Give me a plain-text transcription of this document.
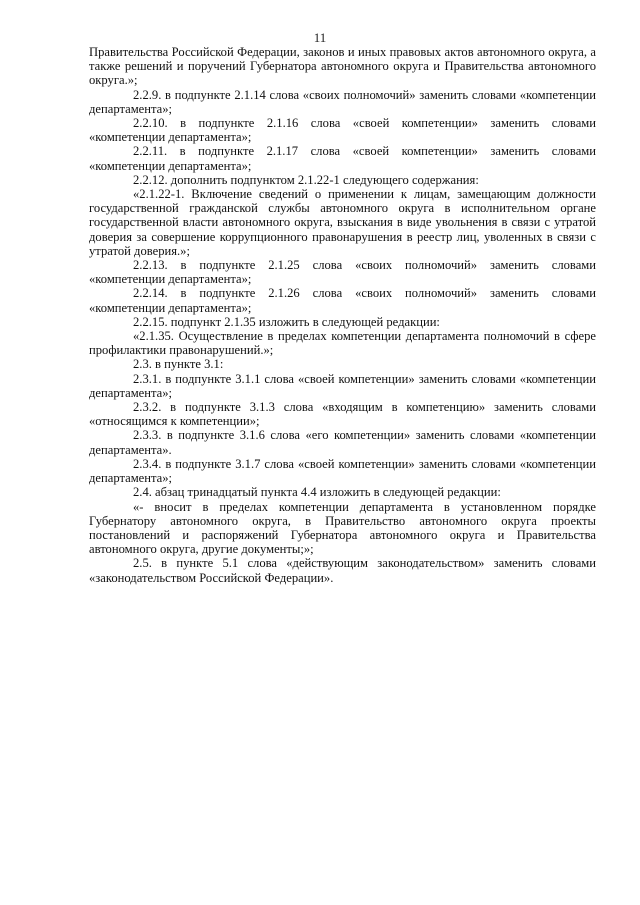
11

Правительства Российской Федерации, законов и иных правовых актов автономного округа, а также решений и поручений Губернатора автономного округа и Правительства автономного округа.»;

2.2.9. в подпункте 2.1.14 слова «своих полномочий» заменить словами «компетенции департамента»;

2.2.10. в подпункте 2.1.16 слова «своей компетенции» заменить словами «компетенции департамента»;

2.2.11. в подпункте 2.1.17 слова «своей компетенции» заменить словами «компетенции департамента»;

2.2.12. дополнить подпунктом 2.1.22-1 следующего содержания:

«2.1.22-1. Включение сведений о применении к лицам, замещающим должности государственной гражданской службы автономного округа в исполнительном органе государственной власти автономного округа, взыскания в виде увольнения в связи с утратой доверия за совершение коррупционного правонарушения в реестр лиц, уволенных в связи с утратой доверия.»;

2.2.13. в подпункте 2.1.25 слова «своих полномочий» заменить словами «компетенции департамента»;

2.2.14. в подпункте 2.1.26 слова «своих полномочий» заменить словами «компетенции департамента»;

2.2.15. подпункт 2.1.35 изложить в следующей редакции:

«2.1.35. Осуществление в пределах компетенции департамента полномочий в сфере профилактики правонарушений.»;

2.3. в пункте 3.1:

2.3.1. в подпункте 3.1.1 слова «своей компетенции» заменить словами «компетенции департамента»;

2.3.2. в подпункте 3.1.3 слова «входящим в компетенцию» заменить словами «относящимся к компетенции»;

2.3.3. в подпункте 3.1.6 слова «его компетенции» заменить словами «компетенции департамента».

2.3.4. в подпункте 3.1.7 слова «своей компетенции» заменить словами «компетенции департамента»;

2.4. абзац тринадцатый пункта 4.4 изложить в следующей редакции:

«- вносит в пределах компетенции департамента в установленном порядке Губернатору автономного округа, в Правительство автономного округа проекты постановлений и распоряжений Губернатора автономного округа и Правительства автономного округа, другие документы;»;

2.5. в пункте 5.1 слова «действующим законодательством» заменить словами «законодательством Российской Федерации».
